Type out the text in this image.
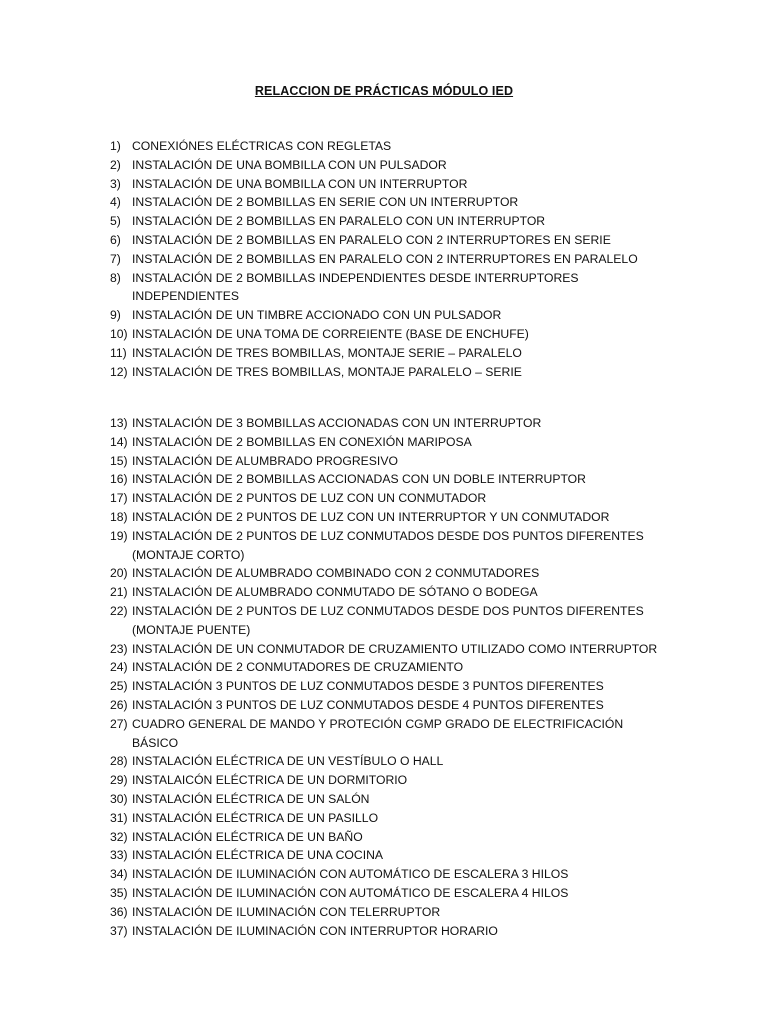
RELACCION DE PRÁCTICAS MÓDULO IED
1) CONEXIÓNES ELÉCTRICAS CON REGLETAS
2) INSTALACIÓN DE UNA BOMBILLA CON UN PULSADOR
3) INSTALACIÓN DE UNA BOMBILLA CON UN INTERRUPTOR
4) INSTALACIÓN DE 2 BOMBILLAS EN SERIE CON UN INTERRUPTOR
5) INSTALACIÓN DE 2 BOMBILLAS EN PARALELO CON UN INTERRUPTOR
6) INSTALACIÓN DE 2 BOMBILLAS EN PARALELO CON 2 INTERRUPTORES EN SERIE
7) INSTALACIÓN DE 2 BOMBILLAS EN PARALELO CON 2 INTERRUPTORES EN PARALELO
8) INSTALACIÓN DE 2 BOMBILLAS INDEPENDIENTES DESDE INTERRUPTORES
INDEPENDIENTES
9) INSTALACIÓN DE UN TIMBRE ACCIONADO CON UN PULSADOR
10) INSTALACIÓN DE UNA TOMA DE CORREIENTE (BASE DE ENCHUFE)
11) INSTALACIÓN DE TRES BOMBILLAS, MONTAJE SERIE – PARALELO
12) INSTALACIÓN DE TRES BOMBILLAS, MONTAJE PARALELO – SERIE
13) INSTALACIÓN DE 3 BOMBILLAS ACCIONADAS CON UN INTERRUPTOR
14) INSTALACIÓN DE 2 BOMBILLAS EN CONEXIÓN MARIPOSA
15) INSTALACIÓN DE ALUMBRADO PROGRESIVO
16) INSTALACIÓN DE 2 BOMBILLAS ACCIONADAS CON UN DOBLE INTERRUPTOR
17) INSTALACIÓN DE 2 PUNTOS DE LUZ CON UN CONMUTADOR
18) INSTALACIÓN DE 2 PUNTOS DE LUZ CON UN INTERRUPTOR Y UN CONMUTADOR
19) INSTALACIÓN DE 2 PUNTOS DE LUZ CONMUTADOS DESDE DOS PUNTOS DIFERENTES
(MONTAJE CORTO)
20) INSTALACIÓN DE ALUMBRADO COMBINADO CON 2 CONMUTADORES
21) INSTALACIÓN DE ALUMBRADO CONMUTADO DE SÓTANO O BODEGA
22) INSTALACIÓN DE 2 PUNTOS DE LUZ CONMUTADOS DESDE DOS PUNTOS DIFERENTES
(MONTAJE PUENTE)
23) INSTALACIÓN DE UN CONMUTADOR DE CRUZAMIENTO UTILIZADO COMO INTERRUPTOR
24) INSTALACIÓN DE 2 CONMUTADORES DE CRUZAMIENTO
25) INSTALACIÓN 3 PUNTOS DE LUZ CONMUTADOS DESDE 3 PUNTOS DIFERENTES
26) INSTALACIÓN 3 PUNTOS DE LUZ CONMUTADOS DESDE 4 PUNTOS DIFERENTES
27) CUADRO GENERAL DE MANDO Y PROTECIÓN CGMP GRADO DE ELECTRIFICACIÓN BÁSICO
28) INSTALACIÓN ELÉCTRICA DE UN VESTÍBULO O HALL
29) INSTALAICÓN ELÉCTRICA DE UN DORMITORIO
30) INSTALACIÓN ELÉCTRICA DE UN SALÓN
31) INSTALACIÓN ELÉCTRICA DE UN PASILLO
32) INSTALACIÓN ELÉCTRICA DE UN BAÑO
33) INSTALACIÓN ELÉCTRICA DE UNA COCINA
34) INSTALACIÓN DE ILUMINACIÓN CON AUTOMÁTICO DE ESCALERA 3 HILOS
35) INSTALACIÓN DE ILUMINACIÓN CON AUTOMÁTICO DE ESCALERA 4 HILOS
36) INSTALACIÓN DE ILUMINACIÓN CON TELERRUPTOR
37) INSTALACIÓN DE ILUMINACIÓN CON INTERRUPTOR HORARIO
